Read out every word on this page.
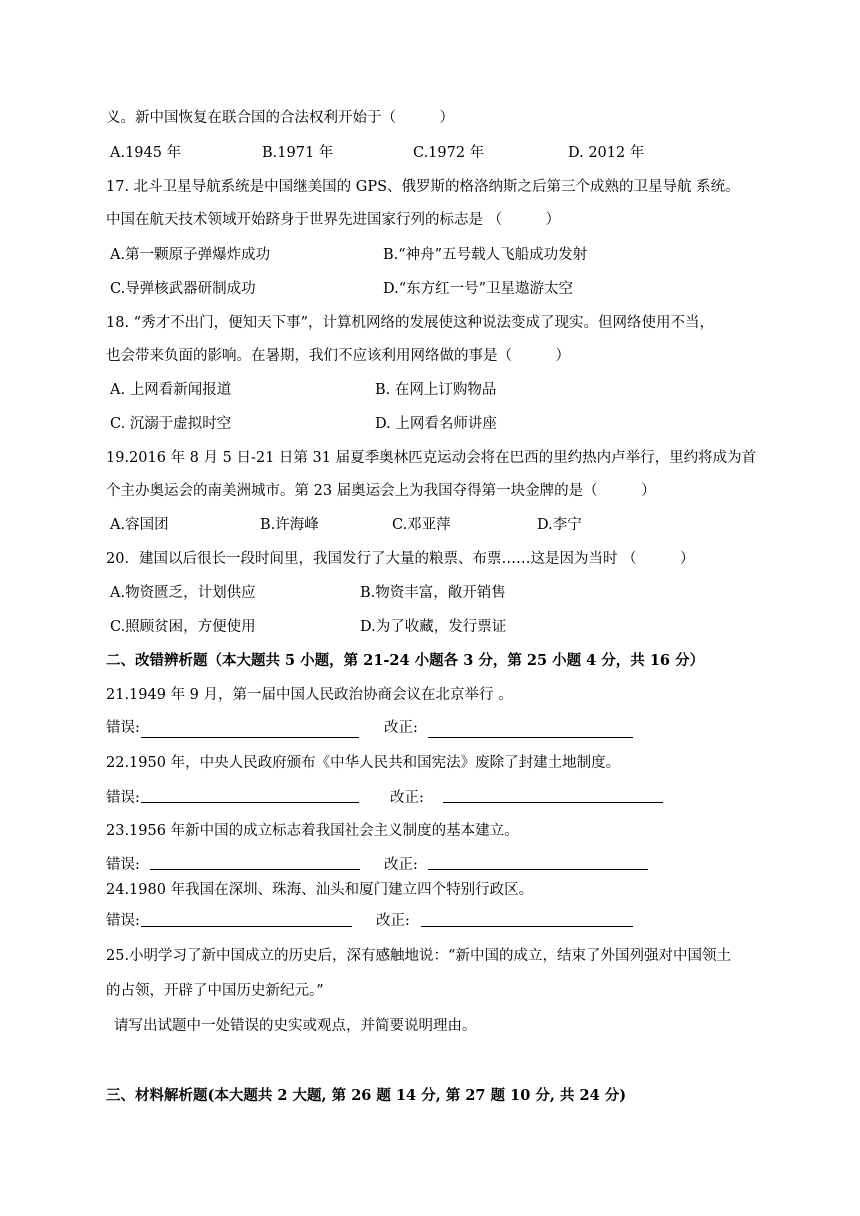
义。新中国恢复在联合国的合法权利开始于（　　　）
A.1945 年	B.1971 年	C.1972 年	D. 2012 年
17. 北斗卫星导航系统是中国继美国的 GPS、俄罗斯的格洛纳斯之后第三个成熟的卫星导航 系统。
中国在航天技术领域开始跻身于世界先进国家行列的标志是 （　　　）
A.第一颗原子弹爆炸成功	B.“神舟”五号载人飞船成功发射
C.导弹核武器研制成功	D.“东方红一号”卫星遨游太空
18. “秀才不出门，便知天下事”，计算机网络的发展使这种说法变成了现实。但网络使用不当，
也会带来负面的影响。在暑期，我们不应该利用网络做的事是（　　　）
A. 上网看新闻报道	B. 在网上订购物品
C. 沉溺于虚拟时空	D. 上网看名师讲座
19.2016 年 8 月 5 日-21 日第 31 届夏季奥林匹克运动会将在巴西的里约热内卢举行，里约将成为首
个主办奥运会的南美洲城市。第 23 届奥运会上为我国夺得第一块金牌的是（　　　）
A.容国团	B.许海峰	C.邓亚萍	D.李宁
20．建国以后很长一段时间里，我国发行了大量的粮票、布票……这是因为当时 （　　　）
A.物资匮乏，计划供应	B.物资丰富，敞开销售
C.照顾贫困，方便使用	D.为了收藏，发行票证
二、改错辨析题（本大题共 5 小题，第 21-24 小题各 3 分，第 25 小题 4 分，共 16 分）
21.1949 年 9 月，第一届中国人民政治协商会议在北京举行 。
错误:	改正:
22.1950 年，中央人民政府颁布《中华人民共和国宪法》废除了封建土地制度。
错误:	改正:
23.1956 年新中国的成立标志着我国社会主义制度的基本建立。
错误:	改正:
24.1980 年我国在深圳、珠海、汕头和厦门建立四个特别行政区。
错误:	改正:
25.小明学习了新中国成立的历史后，深有感触地说：“新中国的成立，结束了外国列强对中国领土
的占领，开辟了中国历史新纪元。”
请写出试题中一处错误的史实或观点，并简要说明理由。
三、材料解析题(本大题共 2 大题, 第 26 题 14 分, 第 27 题 10 分, 共 24 分)
